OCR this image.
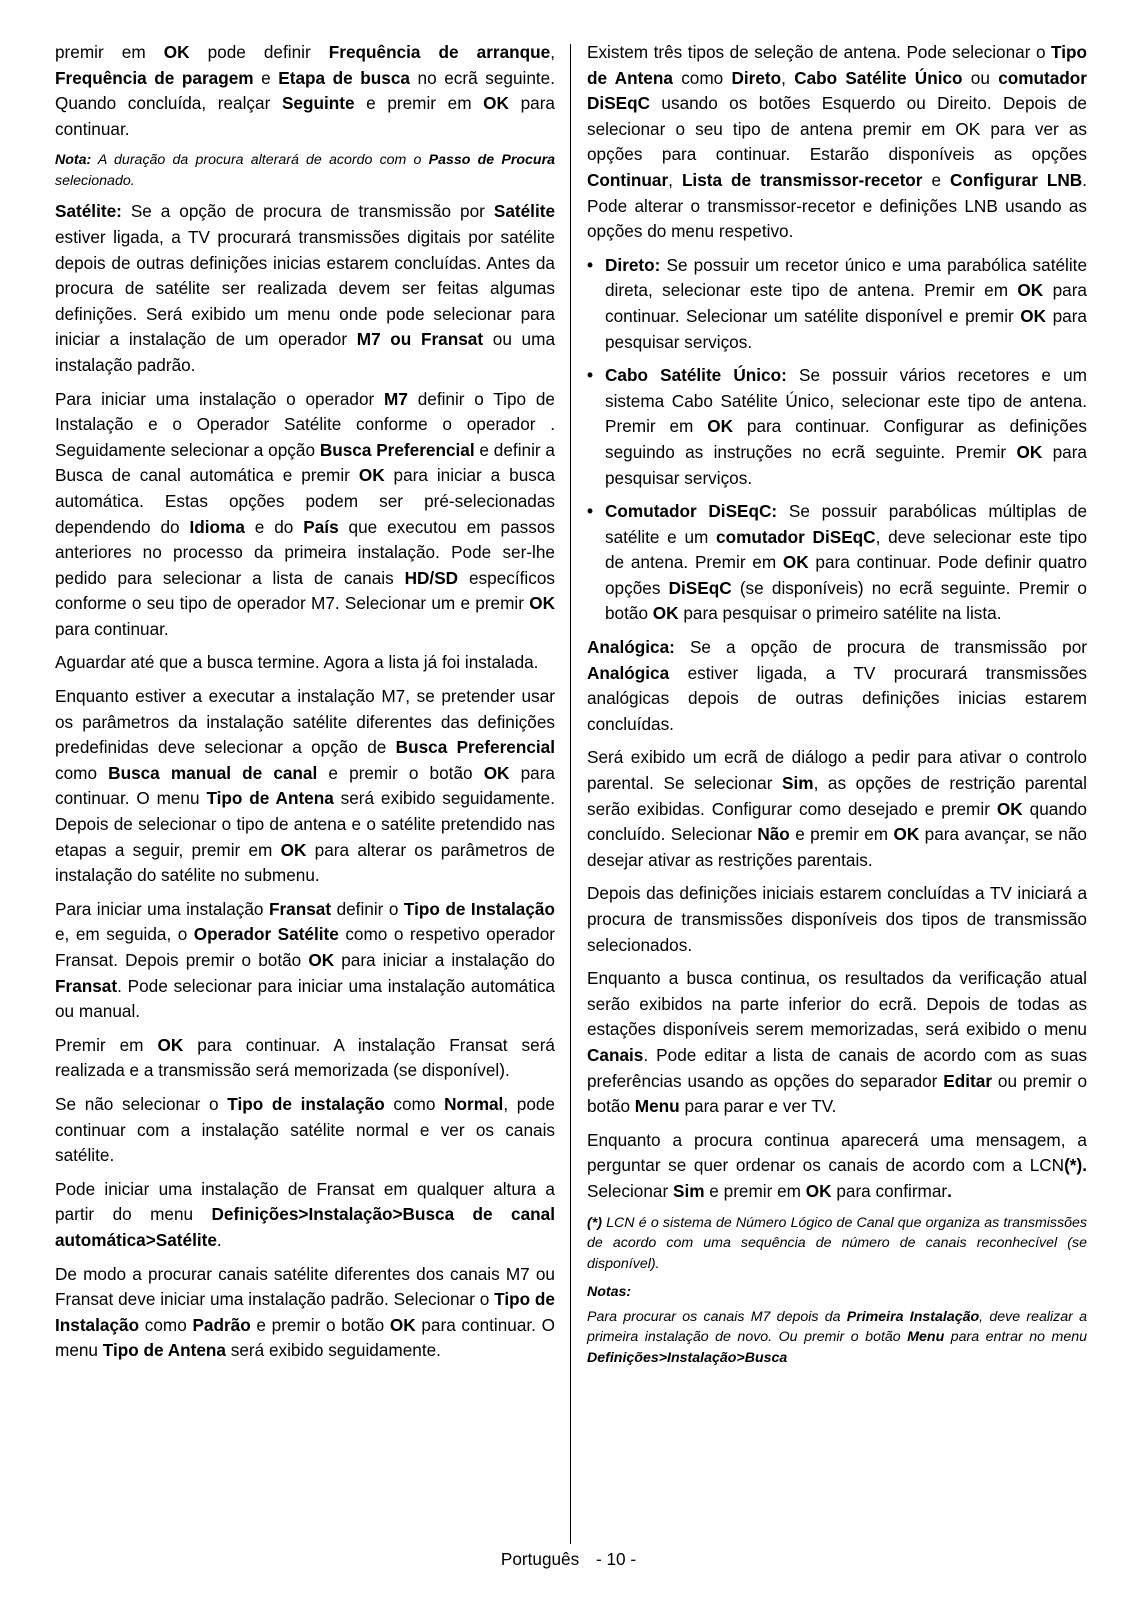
premir em OK pode definir Frequência de arranque, Frequência de paragem e Etapa de busca no ecrã seguinte. Quando concluída, realçar Seguinte e premir em OK para continuar.

Nota: A duração da procura alterará de acordo com o Passo de Procura selecionado.

Satélite: Se a opção de procura de transmissão por Satélite estiver ligada, a TV procurará transmissões digitais por satélite depois de outras definições inicias estarem concluídas. Antes da procura de satélite ser realizada devem ser feitas algumas definições. Será exibido um menu onde pode selecionar para iniciar a instalação de um operador M7 ou Fransat ou uma instalação padrão.

Para iniciar uma instalação o operador M7 definir o Tipo de Instalação e o Operador Satélite conforme o operador . Seguidamente selecionar a opção Busca Preferencial e definir a Busca de canal automática e premir OK para iniciar a busca automática. Estas opções podem ser pré-selecionadas dependendo do Idioma e do País que executou em passos anteriores no processo da primeira instalação. Pode ser-lhe pedido para selecionar a lista de canais HD/SD específicos conforme o seu tipo de operador M7. Selecionar um e premir OK para continuar.

Aguardar até que a busca termine. Agora a lista já foi instalada.

Enquanto estiver a executar a instalação M7, se pretender usar os parâmetros da instalação satélite diferentes das definições predefinidas deve selecionar a opção de Busca Preferencial como Busca manual de canal e premir o botão OK para continuar. O menu Tipo de Antena será exibido seguidamente. Depois de selecionar o tipo de antena e o satélite pretendido nas etapas a seguir, premir em OK para alterar os parâmetros de instalação do satélite no submenu.

Para iniciar uma instalação Fransat definir o Tipo de Instalação e, em seguida, o Operador Satélite como o respetivo operador Fransat. Depois premir o botão OK para iniciar a instalação do Fransat. Pode selecionar para iniciar uma instalação automática ou manual.

Premir em OK para continuar. A instalação Fransat será realizada e a transmissão será memorizada (se disponível).

Se não selecionar o Tipo de instalação como Normal, pode continuar com a instalação satélite normal e ver os canais satélite.

Pode iniciar uma instalação de Fransat em qualquer altura a partir do menu Definições>Instalação>Busca de canal automática>Satélite.

De modo a procurar canais satélite diferentes dos canais M7 ou Fransat deve iniciar uma instalação padrão. Selecionar o Tipo de Instalação como Padrão e premir o botão OK para continuar. O menu Tipo de Antena será exibido seguidamente.

Existem três tipos de seleção de antena. Pode selecionar o Tipo de Antena como Direto, Cabo Satélite Único ou comutador DiSEqC usando os botões Esquerdo ou Direito. Depois de selecionar o seu tipo de antena premir em OK para ver as opções para continuar. Estarão disponíveis as opções Continuar, Lista de transmissor-recetor e Configurar LNB. Pode alterar o transmissor-recetor e definições LNB usando as opções do menu respetivo.

• Direto: Se possuir um recetor único e uma parabólica satélite direta, selecionar este tipo de antena. Premir em OK para continuar. Selecionar um satélite disponível e premir OK para pesquisar serviços.
• Cabo Satélite Único: Se possuir vários recetores e um sistema Cabo Satélite Único, selecionar este tipo de antena. Premir em OK para continuar. Configurar as definições seguindo as instruções no ecrã seguinte. Premir OK para pesquisar serviços.
• Comutador DiSEqC: Se possuir parabólicas múltiplas de satélite e um comutador DiSEqC, deve selecionar este tipo de antena. Premir em OK para continuar. Pode definir quatro opções DiSEqC (se disponíveis) no ecrã seguinte. Premir o botão OK para pesquisar o primeiro satélite na lista.

Analógica: Se a opção de procura de transmissão por Analógica estiver ligada, a TV procurará transmissões analógicas depois de outras definições inicias estarem concluídas.

Será exibido um ecrã de diálogo a pedir para ativar o controlo parental. Se selecionar Sim, as opções de restrição parental serão exibidas. Configurar como desejado e premir OK quando concluído. Selecionar Não e premir em OK para avançar, se não desejar ativar as restrições parentais.

Depois das definições iniciais estarem concluídas a TV iniciará a procura de transmissões disponíveis dos tipos de transmissão selecionados.

Enquanto a busca continua, os resultados da verificação atual serão exibidos na parte inferior do ecrã. Depois de todas as estações disponíveis serem memorizadas, será exibido o menu Canais. Pode editar a lista de canais de acordo com as suas preferências usando as opções do separador Editar ou premir o botão Menu para parar e ver TV.

Enquanto a procura continua aparecerá uma mensagem, a perguntar se quer ordenar os canais de acordo com a LCN(*). Selecionar Sim e premir em OK para confirmar.

(*) LCN é o sistema de Número Lógico de Canal que organiza as transmissões de acordo com uma sequência de número de canais reconhecível (se disponível).

Notas:

Para procurar os canais M7 depois da Primeira Instalação, deve realizar a primeira instalação de novo. Ou premir o botão Menu para entrar no menu Definições>Instalação>Busca

Português - 10 -
